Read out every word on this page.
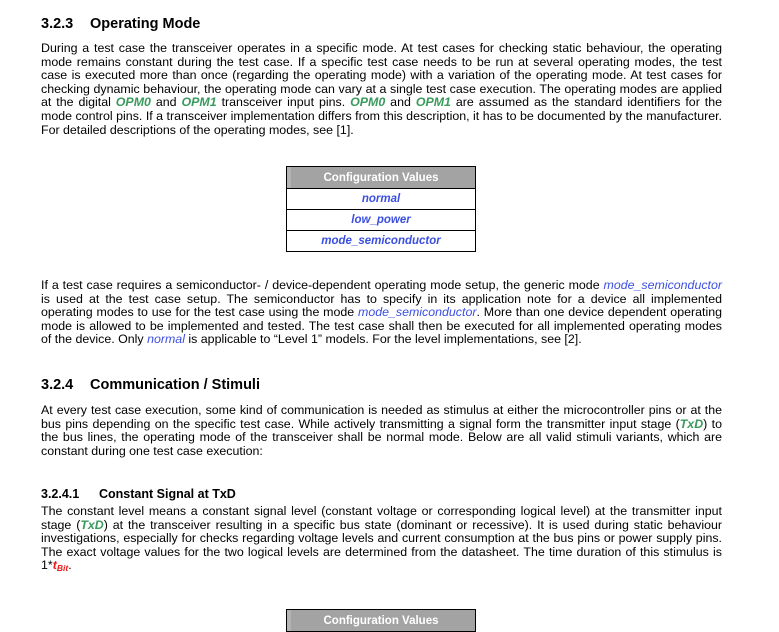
3.2.3 Operating Mode

During a test case the transceiver operates in a specific mode. At test cases for checking static behaviour, the operating mode remains constant during the test case. If a specific test case needs to be run at several operating modes, the test case is executed more than once (regarding the operating mode) with a variation of the operating mode. At test cases for checking dynamic behaviour, the operating mode can vary at a single test case execution. The operating modes are applied at the digital OPM0 and OPM1 transceiver input pins. OPM0 and OPM1 are assumed as the standard identifiers for the mode control pins. If a transceiver implementation differs from this description, it has to be documented by the manufacturer. For detailed descriptions of the operating modes, see [1].

Configuration Values
normal
low_power
mode_semiconductor

If a test case requires a semiconductor- / device-dependent operating mode setup, the generic mode mode_semiconductor is used at the test case setup. The semiconductor has to specify in its application note for a device all implemented operating modes to use for the test case using the mode mode_semiconductor. More than one device dependent operating mode is allowed to be implemented and tested. The test case shall then be executed for all implemented operating modes of the device. Only normal is applicable to “Level 1” models. For the level implementations, see [2].

3.2.4 Communication / Stimuli

At every test case execution, some kind of communication is needed as stimulus at either the microcontroller pins or at the bus pins depending on the specific test case. While actively transmitting a signal form the transmitter input stage (TxD) to the bus lines, the operating mode of the transceiver shall be normal mode. Below are all valid stimuli variants, which are constant during one test case execution:

3.2.4.1 Constant Signal at TxD

The constant level means a constant signal level (constant voltage or corresponding logical level) at the transmitter input stage (TxD) at the transceiver resulting in a specific bus state (dominant or recessive). It is used during static behaviour investigations, especially for checks regarding voltage levels and current consumption at the bus pins or power supply pins. The exact voltage values for the two logical levels are determined from the datasheet. The time duration of this stimulus is $1*t_{Bit}$.

Configuration Values
